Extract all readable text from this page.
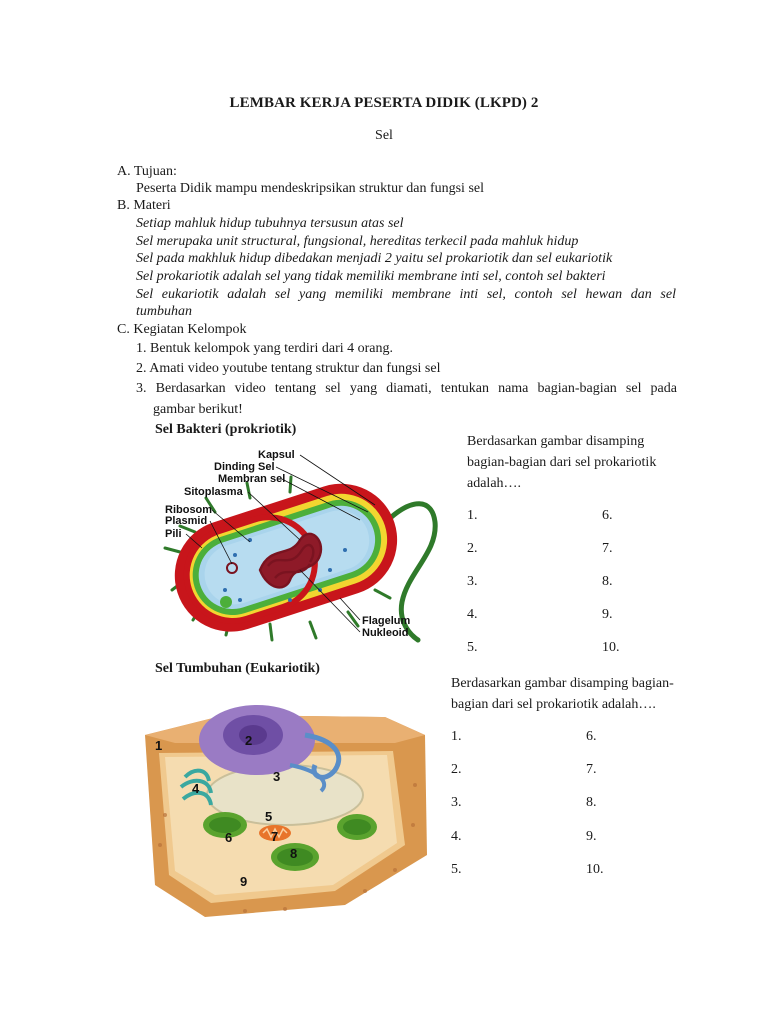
LEMBAR KERJA PESERTA DIDIK (LKPD) 2
Sel
A. Tujuan:
Peserta Didik mampu mendeskripsikan struktur dan fungsi sel
B. Materi
Setiap mahluk hidup tubuhnya tersusun atas sel
Sel merupaka unit structural, fungsional, hereditas terkecil pada mahluk hidup
Sel pada makhluk hidup dibedakan menjadi 2 yaitu sel prokariotik dan sel eukariotik
Sel prokariotik adalah sel yang tidak memiliki membrane inti sel, contoh sel bakteri
Sel eukariotik adalah sel yang memiliki membrane inti sel, contoh sel hewan dan sel
tumbuhan
C. Kegiatan Kelompok
1. Bentuk kelompok yang terdiri dari 4 orang.
2. Amati video youtube tentang struktur dan fungsi sel
3. Berdasarkan video tentang sel yang diamati, tentukan nama bagian-bagian sel pada
gambar berikut!
Sel Bakteri (prokriotik)
Kapsul
Dinding Sel
Membran sel
Sitoplasma
Ribosom
Plasmid
Pili
Flagelum
Nukleoid
Berdasarkan gambar disamping
bagian-bagian dari sel prokariotik
adalah….
1.
2.
3.
4.
5.
6.
7.
8.
9.
10.
Sel Tumbuhan (Eukariotik)
1	2
3
4
5
6	7
8
9
Berdasarkan gambar disamping bagian-
bagian dari sel prokariotik adalah….
1.
2.
3.
4.
5.
6.
7.
8.
9.
10.
